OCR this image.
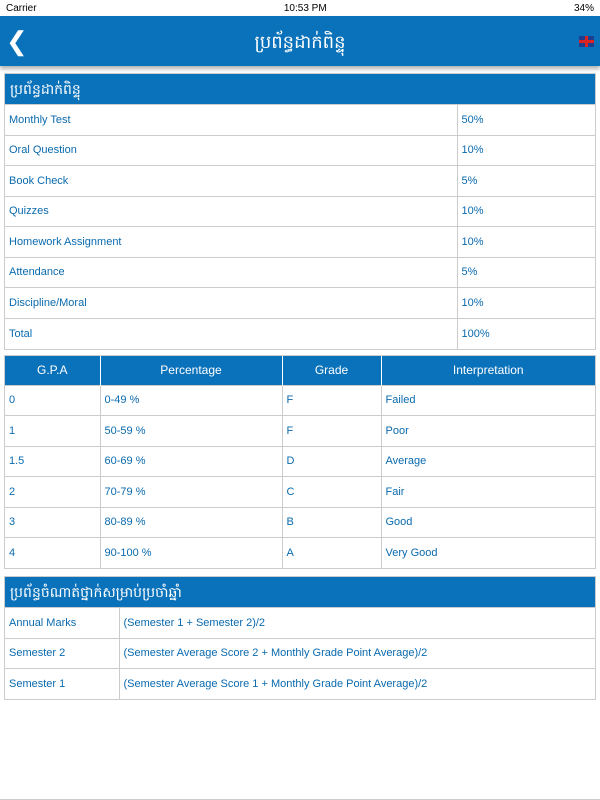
Carrier	10:53 PM	34%
❮	ប្រព័ន្ធដាក់ពិន្ទុ
ប្រព័ន្ធដាក់ពិន្ទុ
Monthly Test	50%
Oral Question	10%
Book Check	5%
Quizzes	10%
Homework Assignment	10%
Attendance	5%
Discipline/Moral	10%
Total	100%
G.P.A	Percentage	Grade	Interpretation
0	0-49 %	F	Failed
1	50-59 %	F	Poor
1.5	60-69 %	D	Average
2	70-79 %	C	Fair
3	80-89 %	B	Good
4	90-100 %	A	Very Good
ប្រព័ន្ធចំណាត់ថ្នាក់សម្រាប់ប្រចាំឆ្នាំ
Annual Marks	(Semester 1 + Semester 2)/2
Semester 2	(Semester Average Score 2 + Monthly Grade Point Average)/2
Semester 1	(Semester Average Score 1 + Monthly Grade Point Average)/2
